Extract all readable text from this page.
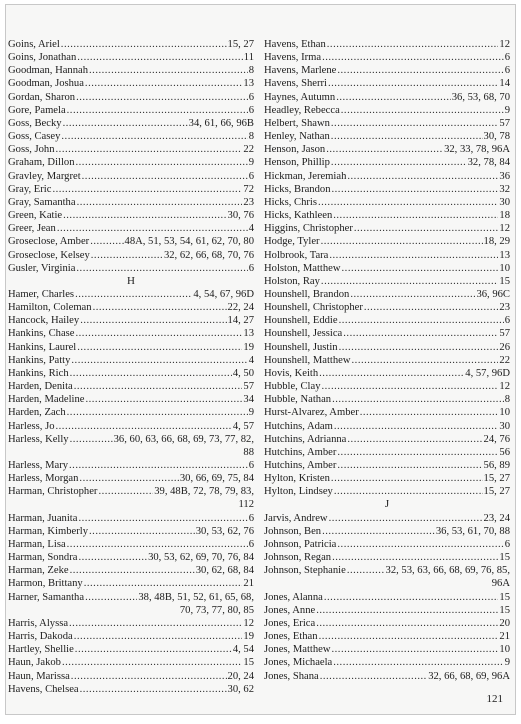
Goins, Ariel .....	15, 27
Goins, Jonathan .....	11
Goodman, Hannah .....	8
Goodman, Joshua .....	13
Gordan, Sharon .....	6
Gore, Pamela .....	6
Goss, Becky .....	34, 61, 66, 96B
Goss, Casey .....	8
Goss, John .....	22
Graham, Dillon .....	9
Gravley, Margret .....	6
Gray, Eric .....	72
Gray, Samantha .....	23
Green, Katie .....	30, 76
Greer, Jean .....	4
Groseclose, Amber .....	48A, 51, 53, 54, 61, 62, 70, 80
Groseclose, Kelsey .....	32, 62, 66, 68, 70, 76
Gusler, Virginia .....	6
H
Hamer, Charles .....	4, 54, 67, 96D
Hamilton, Coleman .....	22, 24
Hancock, Hailey .....	14, 27
Hankins, Chase .....	13
Hankins, Laurel .....	19
Hankins, Patty .....	4
Hankins, Rich .....	4, 50
Harden, Denita .....	57
Harden, Madeline .....	34
Harden, Zach .....	9
Harless, Jo .....	4, 57
Harless, Kelly .....	36, 60, 63, 66, 68, 69, 73, 77, 82,
88
Harless, Mary .....	6
Harless, Morgan .....	30, 66, 69, 75, 84
Harman, Christopher .....	39, 48B, 72, 78, 79, 83,
112
Harman, Juanita .....	6
Harman, Kimberly .....	30, 53, 62, 76
Harman, Lisa .....	6
Harman, Sondra .....	30, 53, 62, 69, 70, 76, 84
Harman, Zeke .....	30, 62, 68, 84
Harmon, Brittany .....	21
Harner, Samantha .....	38, 48B, 51, 52, 61, 65, 68,
70, 73, 77, 80, 85
Harris, Alyssa .....	12
Harris, Dakoda .....	19
Hartley, Shellie .....	4, 54
Haun, Jakob .....	15
Haun, Marissa .....	20, 24
Havens, Chelsea .....	30, 62
Havens, Ethan .....	12
Havens, Irma .....	6
Havens, Marlene .....	6
Havens, Sherri .....	14
Haynes, Autumn .....	36, 53, 68, 70
Headley, Rebecca .....	9
Helbert, Shawn .....	57
Henley, Nathan .....	30, 78
Henson, Jason .....	32, 33, 78, 96A
Henson, Phillip .....	32, 78, 84
Hickman, Jeremiah .....	36
Hicks, Brandon .....	32
Hicks, Chris .....	30
Hicks, Kathleen .....	18
Higgins, Christopher .....	12
Hodge, Tyler .....	18, 29
Holbrook, Tara .....	13
Holston, Matthew .....	10
Holston, Ray .....	15
Hounshell, Brandon .....	36, 96C
Hounshell, Christopher .....	23
Hounshell, Eddie .....	6
Hounshell, Jessica .....	57
Hounshell, Justin .....	26
Hounshell, Matthew .....	22
Hovis, Keith .....	4, 57, 96D
Hubble, Clay .....	12
Hubble, Nathan .....	8
Hurst-Alvarez, Amber .....	10
Hutchins, Adam .....	30
Hutchins, Adrianna .....	24, 76
Hutchins, Amber .....	56
Hutchins, Amber .....	56, 89
Hylton, Kristen .....	15, 27
Hylton, Lindsey .....	15, 27
J
Jarvis, Andrew .....	23, 24
Johnson, Ben .....	36, 53, 61, 70, 88
Johnson, Patricia .....	6
Johnson, Regan .....	15
Johnson, Stephanie .....	32, 53, 63, 66, 68, 69, 76, 85,
96A
Jones, Alanna .....	15
Jones, Anne .....	15
Jones, Erica .....	20
Jones, Ethan .....	21
Jones, Matthew .....	10
Jones, Michaela .....	9
Jones, Shana .....	32, 66, 68, 69, 96A
121
